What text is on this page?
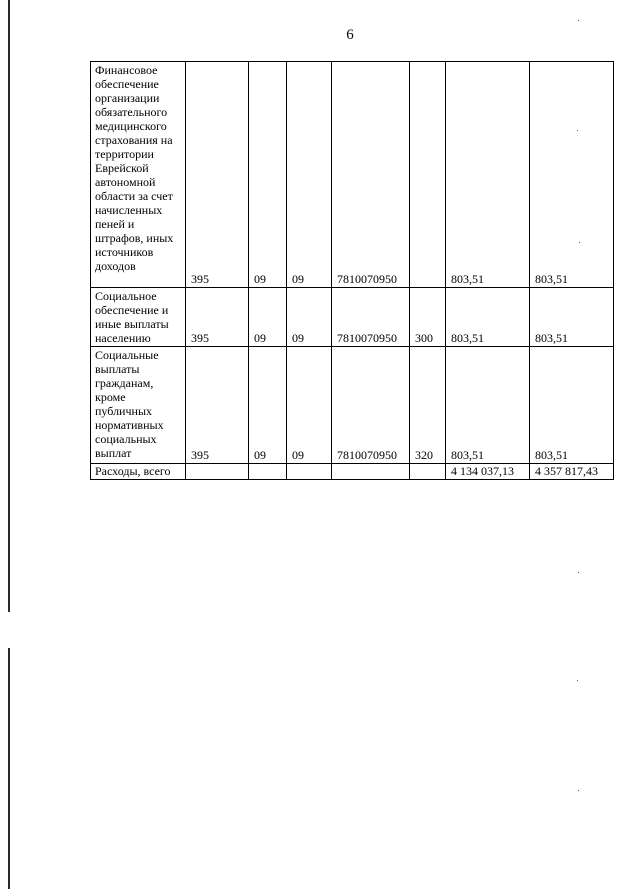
6
Финансовое обеспечение организации обязательного медицинского страхования на территории Еврейской автономной области за счет начисленных пеней и штрафов, иных источников доходов	395	09	09	7810070950		803,51	803,51
Социальное обеспечение и иные выплаты населению	395	09	09	7810070950	300	803,51	803,51
Социальные выплаты гражданам, кроме публичных нормативных социальных выплат	395	09	09	7810070950	320	803,51	803,51
Расходы, всего						4 134 037,13	4 357 817,43
